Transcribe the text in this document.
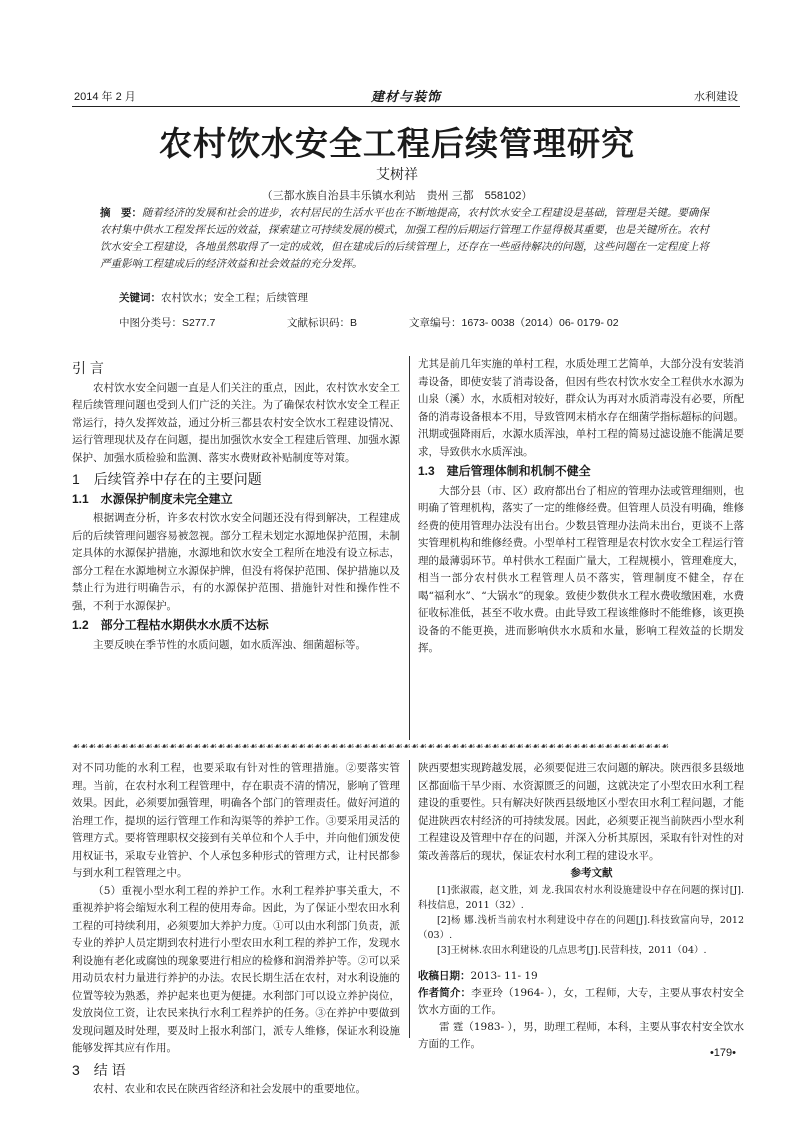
2014 年 2 月	建材与装饰	水利建设
农村饮水安全工程后续管理研究
艾树祥
（三都水族自治县丰乐镇水利站　贵州 三都　558102）
摘　要：随着经济的发展和社会的进步，农村居民的生活水平也在不断地提高，农村饮水安全工程建设是基础，管理是关键。要确保农村集中供水工程发挥长远的效益，探索建立可持续发展的模式，加强工程的后期运行管理工作显得极其重要，也是关键所在。农村饮水安全工程建设，各地虽然取得了一定的成效，但在建成后的后续管理上，还存在一些亟待解决的问题，这些问题在一定程度上将严重影响工程建成后的经济效益和社会效益的充分发挥。
关键词：农村饮水；安全工程；后续管理
中图分类号：S277.7	文献标识码：B	文章编号：1673- 0038（2014）06- 0179- 02
引 言

农村饮水安全问题一直是人们关注的重点，因此，农村饮水安全工程后续管理问题也受到人们广泛的关注。为了确保农村饮水安全工程正常运行，持久发挥效益，通过分析三都县农村安全饮水工程建设情况、运行管理现状及存在问题，提出加强饮水安全工程建后管理、加强水源保护、加强水质检验和监测、落实水费财政补贴制度等对策。

1　后续管养中存在的主要问题
1.1　水源保护制度未完全建立

根据调查分析，许多农村饮水安全问题还没有得到解决，工程建成后的后续管理问题容易被忽视。部分工程未划定水源地保护范围，未制定具体的水源保护措施，水源地和饮水安全工程所在地没有设立标志，部分工程在水源地树立水源保护牌，但没有将保护范围、保护措施以及禁止行为进行明确告示，有的水源保护范围、措施针对性和操作性不强，不利于水源保护。

1.2　部分工程枯水期供水水质不达标

主要反映在季节性的水质问题，如水质浑浊、细菌超标等。

尤其是前几年实施的单村工程，水质处理工艺简单，大部分没有安装消毒设备，即使安装了消毒设备，但因有些农村饮水安全工程供水水源为山泉（溪）水，水质相对较好，群众认为再对水质消毒没有必要，所配备的消毒设备根本不用，导致管网末梢水存在细菌学指标超标的问题。汛期或强降雨后，水源水质浑浊，单村工程的简易过滤设施不能满足要求，导致供水水质浑浊。

1.3　建后管理体制和机制不健全

大部分县（市、区）政府都出台了相应的管理办法或管理细则，也明确了管理机构，落实了一定的维修经费。但管理人员没有明确，维修经费的使用管理办法没有出台。少数县管理办法尚未出台，更谈不上落实管理机构和维修经费。小型单村工程管理是农村饮水安全工程运行管理的最薄弱环节。单村供水工程面广量大，工程规模小，管理难度大，相当一部分农村供水工程管理人员不落实，管理制度不健全，存在喝“福利水”、“大锅水”的现象。致使少数供水工程水费收缴困难，水费征收标准低，甚至不收水费。由此导致工程该维修时不能维修，该更换设备的不能更换，进而影响供水水质和水量，影响工程效益的长期发挥。

☙☙☙☙☙☙☙☙☙☙☙☙☙☙☙☙☙☙☙☙☙☙☙☙☙☙☙☙☙☙☙☙☙☙☙☙☙☙☙☙☙☙☙☙☙☙☙☙☙☙☙☙☙☙☙☙☙☙☙☙☙☙☙☙☙☙☙☙☙☙☙☙☙☙

对不同功能的水利工程，也要采取有针对性的管理措施。②要落实管理。当前，在农村水利工程管理中，存在职责不清的情况，影响了管理效果。因此，必须要加强管理，明确各个部门的管理责任。做好河道的治理工作，提坝的运行管理工作和沟渠等的养护工作。③要采用灵活的管理方式。要将管理职权交接到有关单位和个人手中，并向他们颁发使用权证书，采取专业管护、个人承包多种形式的管理方式，让村民都参与到水利工程管理之中。

（5）重视小型水利工程的养护工作。水利工程养护事关重大，不重视养护将会缩短水利工程的使用寿命。因此，为了保证小型农田水利工程的可持续利用，必须要加大养护力度。①可以由水利部门负责，派专业的养护人员定期到农村进行小型农田水利工程的养护工作，发现水利设施有老化或腐蚀的现象要进行相应的检修和润滑养护等。②可以采用动员农村力量进行养护的办法。农民长期生活在农村，对水利设施的位置等较为熟悉，养护起来也更为便捷。水利部门可以设立养护岗位，发放岗位工资，让农民来执行水利工程养护的任务。③在养护中要做到发现问题及时处理，要及时上报水利部门，派专人维修，保证水利设施能够发挥其应有作用。

3　结 语

农村、农业和农民在陕西省经济和社会发展中的重要地位。

陕西要想实现跨越发展，必须要促进三农问题的解决。陕西很多县级地区都面临干旱少雨、水资源匮乏的问题，这就决定了小型农田水利工程建设的重要性。只有解决好陕西县级地区小型农田水利工程问题，才能促进陕西农村经济的可持续发展。因此，必须要正视当前陕西小型水利工程建设及管理中存在的问题，并深入分析其原因，采取有针对性的对策改善落后的现状，保证农村水利工程的建设水平。

参考文献

[1]张淑霞，赵文胜，刘 龙.我国农村水利设施建设中存在问题的探讨[J].科技信息，2011（32）.

[2]杨 娜.浅析当前农村水利建设中存在的问题[J].科技致富向导，2012（03）.

[3]王树林.农田水利建设的几点思考[J].民营科技，2011（04）.

收稿日期：2013- 11- 19

作者简介：李亚玲（1964- ），女，工程师，大专，主要从事农村安全饮水方面的工作。

雷 霆（1983- ），男，助理工程师，本科，主要从事农村安全饮水方面的工作。

•179•
